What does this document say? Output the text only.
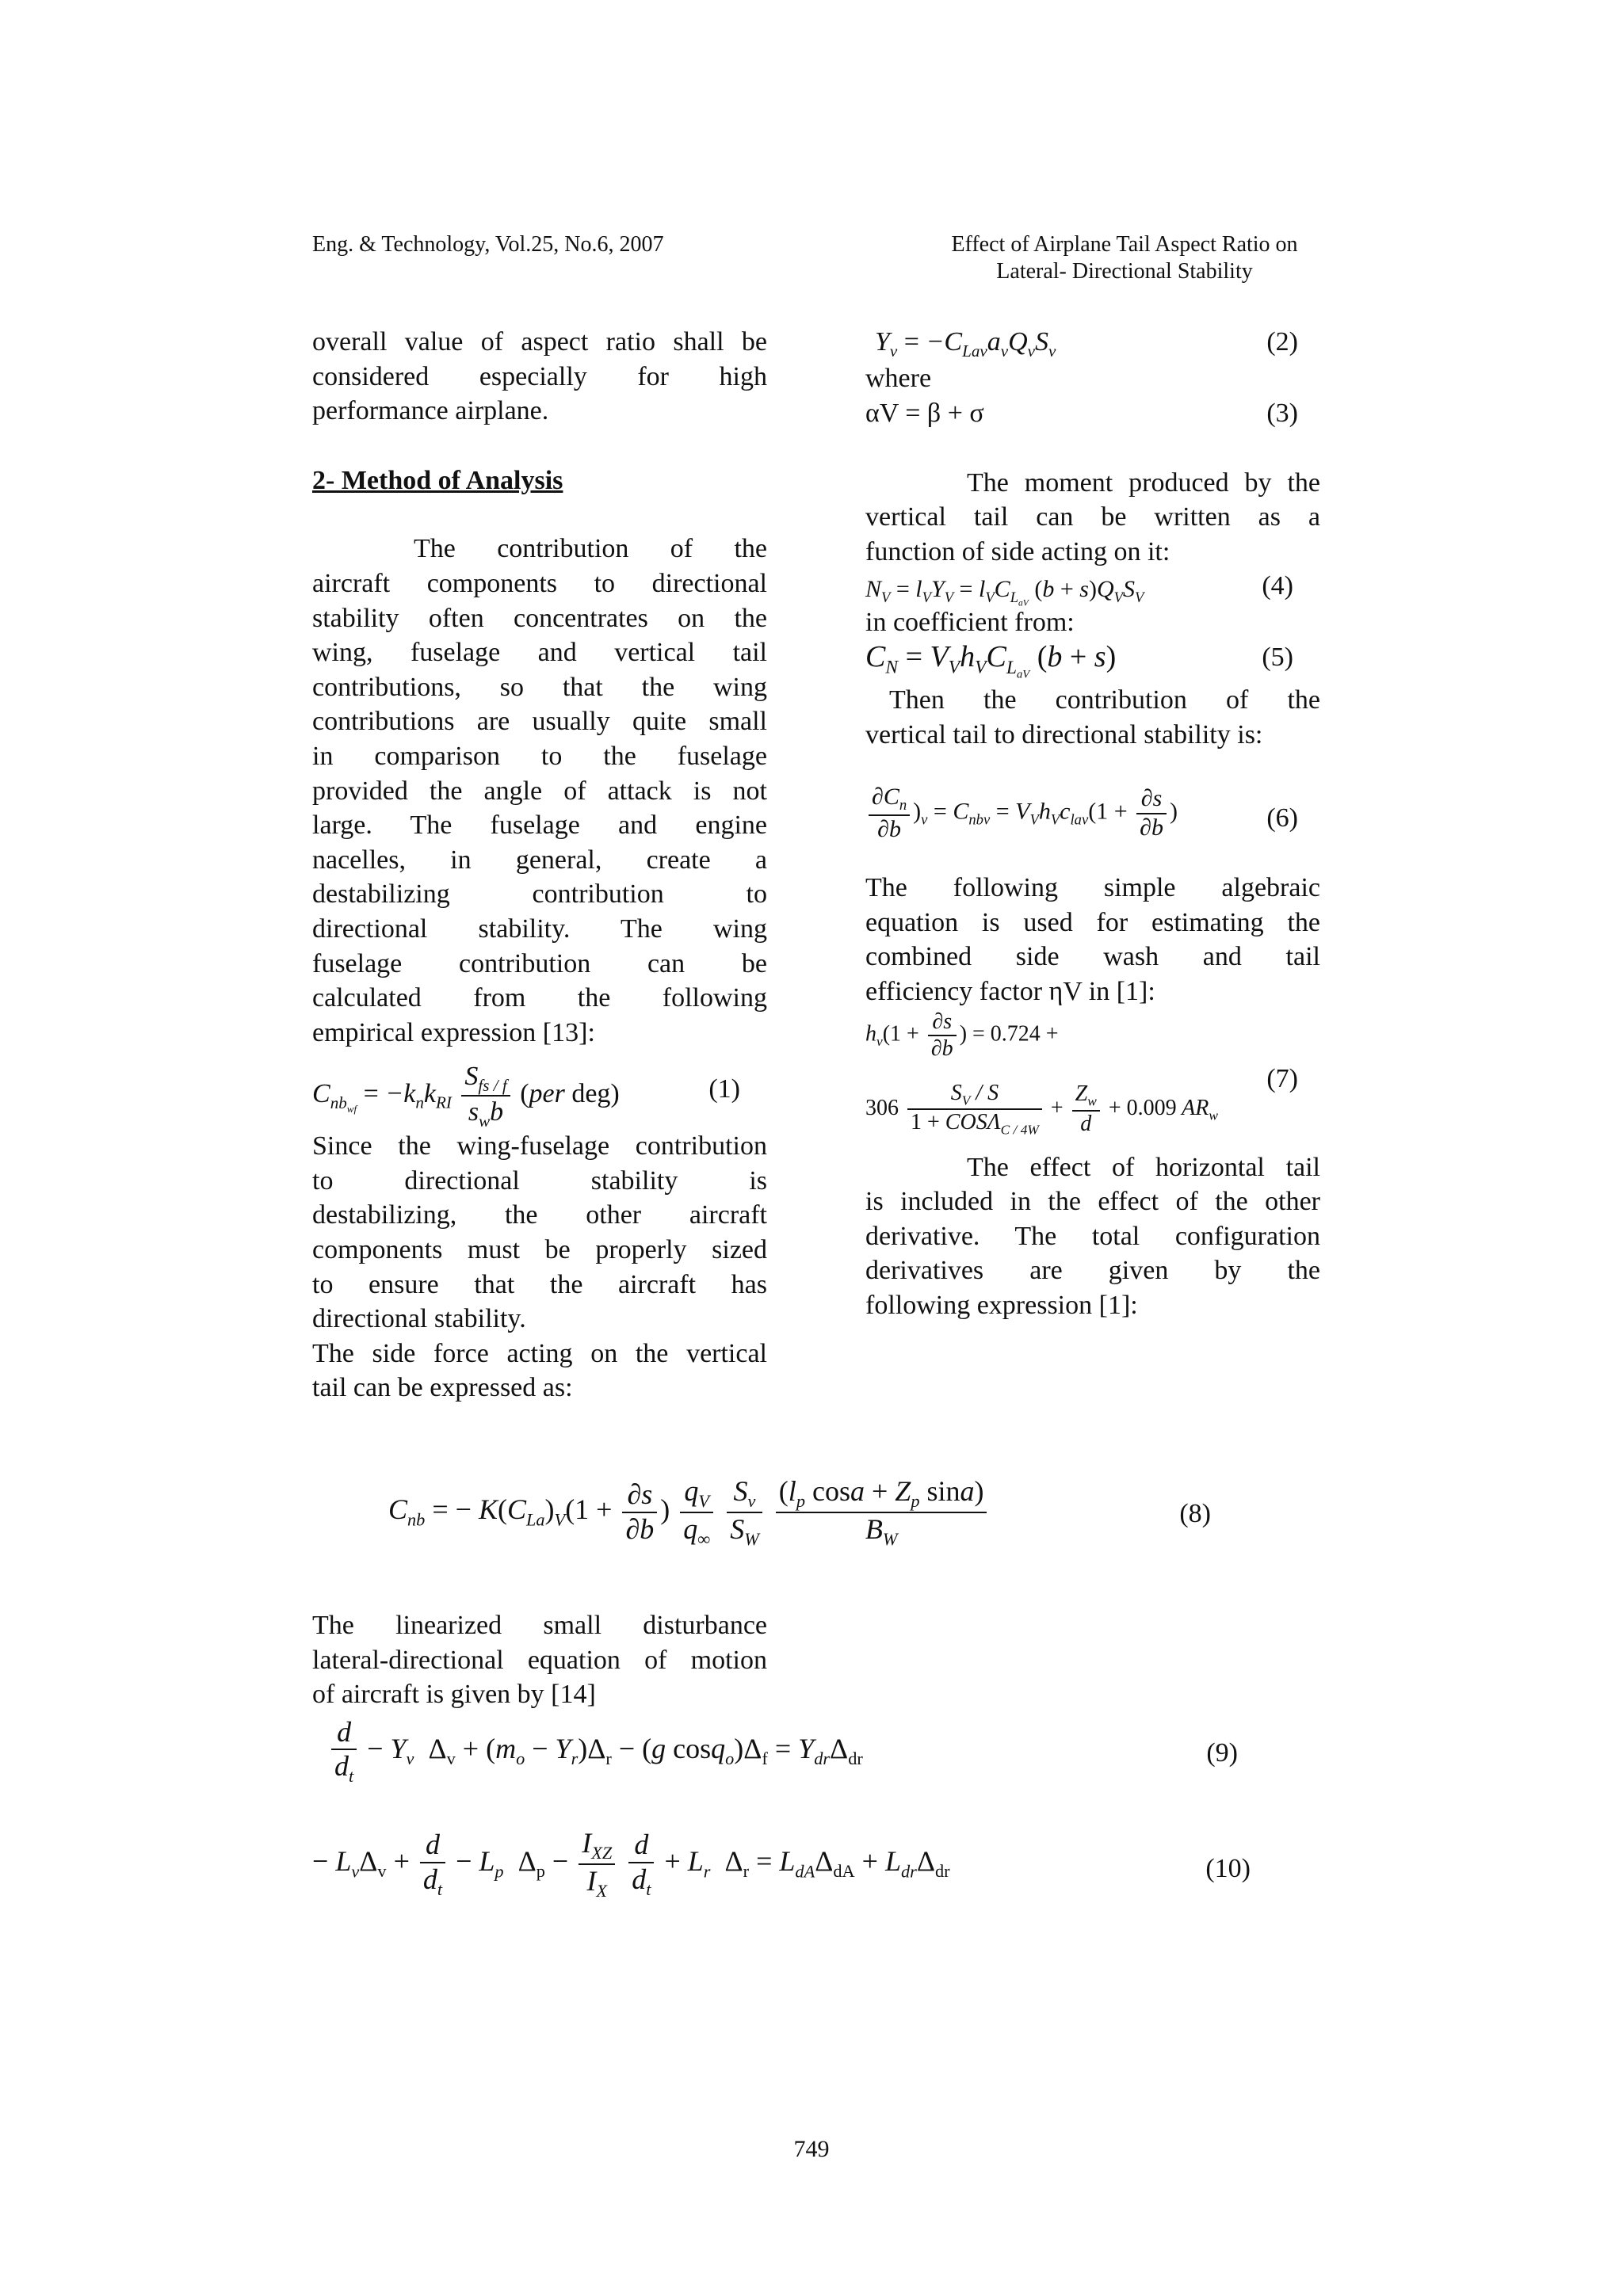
Eng. & Technology, Vol.25, No.6, 2007	Effect of Airplane Tail Aspect Ratio on
Lateral- Directional Stability

overall value of aspect ratio shall be

considered especially for high

performance airplane.

2- Method of Analysis

The contribution of the

aircraft components to directional

stability often concentrates on the

wing, fuselage and vertical tail

contributions, so that the wing

contributions are usually quite small

in comparison to the fuselage

provided the angle of attack is not

large. The fuselage and engine

nacelles, in general, create a

destabilizing contribution to

directional stability. The wing

fuselage contribution can be

calculated from the following

empirical expression [13]:

$C_{nb_{wf}} = -k_nk_{RI} \frac{S_{fs / f}}{s_wb} (per$ deg)	(1)

Since the wing-fuselage contribution

to directional stability is

destabilizing, the other aircraft

components must be properly sized

to ensure that the aircraft has

directional stability.

The side force acting on the vertical

tail can be expressed as:

$Y_v = -C_{Lav}a_vQ_vS_v$	(2)

where

αV = β + σ	(3)

The moment produced by the

vertical tail can be written as a

function of side acting on it:

$N_V = l_VY_V = l_VC_{L_{aV}}$ $(b + s)Q_VS_V$	(4)

in coefficient from:

$C_N = V_Vh_VC_{L_{aV}}$ (b + s)	(5)

Then the contribution of the

vertical tail to directional stability is:

$\frac{\partial C_n}{\partial b} )_v = C_{nbv} = V_Vh_Vc_{lav}(1 + \frac{\partial s}{\partial b}$ )	(6)

The following simple algebraic

equation is used for estimating the

combined side wash and tail

efficiency factor ηV in [1]:

$h_v(1 + \frac{\partial s}{\partial b}$ ) = 0.724 +
$306 \frac{S_V / S}{1 + COS\Lambda_{C / 4W}} + \frac{Z_w}{d} + 0.009$ $AR_w$
(7)

The effect of horizontal tail

is included in the effect of the other

derivative. The total configuration

derivatives are given by the

following expression [1]:

$C_{nb}$ = − $K(C_{La})_V(1 + \frac{\partial s}{\partial b}$ ) $\frac{q_V}{q_\infty}$
$\frac{S_v}{S_W}$
$\frac{(l_p \cos a + Z_p \sin a)}{B_W}$	(8)

The linearized small disturbance

lateral-directional equation of motion

of aircraft is given by [14]

$\frac{d}{d_t} - Y_v$  $\Delta_v + (m_o - Y_r)\Delta_r - (g$ $\cos q_o)\Delta_f = Y_{dr}\Delta_{dr}$	(9)
− $L_v\Delta_v + \frac{d}{d_t} - L_p$  $\Delta_p - \frac{I_{XZ}}{I_X}$
$\frac{d}{d_t} + L_r$  $\Delta_r = L_{dA}\Delta_{dA} + L_{dr}\Delta_{dr}$	(10)
749
